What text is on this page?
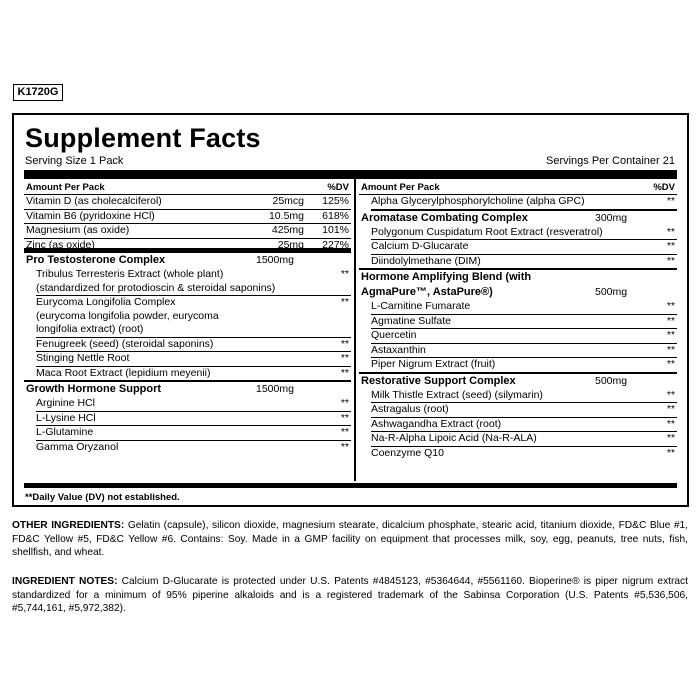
K1720G
Supplement Facts
Serving Size 1 Pack	Servings Per Container 21
Amount Per Pack	%DV
Vitamin D (as cholecalciferol)	25mcg 125%
Vitamin B6 (pyridoxine HCl)	10.5mg 618%
Magnesium (as oxide)	425mg 101%
Zinc (as oxide)	25mg 227%
Pro Testosterone Complex	1500mg
Tribulus Terresteris Extract (whole plant)
(standardized for protodioscin & steroidal saponins)
**
Eurycoma Longifolia Complex
(eurycoma longifolia powder, eurycoma
longifolia extract) (root)
**
Fenugreek (seed) (steroidal saponins)	**
Stinging Nettle Root	**
Maca Root Extract (lepidium meyenii)	**
Growth Hormone Support	1500mg
Arginine HCl	**
L-Lysine HCl	**
L-Glutamine	**
Gamma Oryzanol	**
Amount Per Pack	%DV
Alpha Glycerylphosphorylcholine (alpha GPC)	**
Aromatase Combating Complex	300mg
Polygonum Cuspidatum Root Extract (resveratrol)	**
Calcium D-Glucarate	**
Diindolylmethane (DIM)	**
Hormone Amplifying Blend (with
AgmaPure™, AstaPure®)	500mg
L-Carnitine Fumarate	**
Agmatine Sulfate	**
Quercetin	**
Astaxanthin	**
Piper Nigrum Extract (fruit)	**
Restorative Support Complex	500mg
Milk Thistle Extract (seed) (silymarin)	**
Astragalus (root)	**
Ashwagandha Extract (root)	**
Na-R-Alpha Lipoic Acid (Na-R-ALA)	**
Coenzyme Q10	**
**Daily Value (DV) not established.
OTHER INGREDIENTS: Gelatin (capsule), silicon dioxide, magnesium stearate, dicalcium phosphate, stearic acid, titanium dioxide, FD&C Blue #1, FD&C Yellow #5, FD&C Yellow #6. Contains: Soy. Made in a GMP facility on equipment that processes milk, soy, egg, peanuts, tree nuts, fish, shellfish, and wheat.
INGREDIENT NOTES: Calcium D-Glucarate is protected under U.S. Patents #4845123, #5364644, #5561160. Bioperine® is piper nigrum extract standardized for a minimum of 95% piperine alkaloids and is a registered trademark of the Sabinsa Corporation (U.S. Patents #5,536,506, #5,744,161, #5,972,382).
